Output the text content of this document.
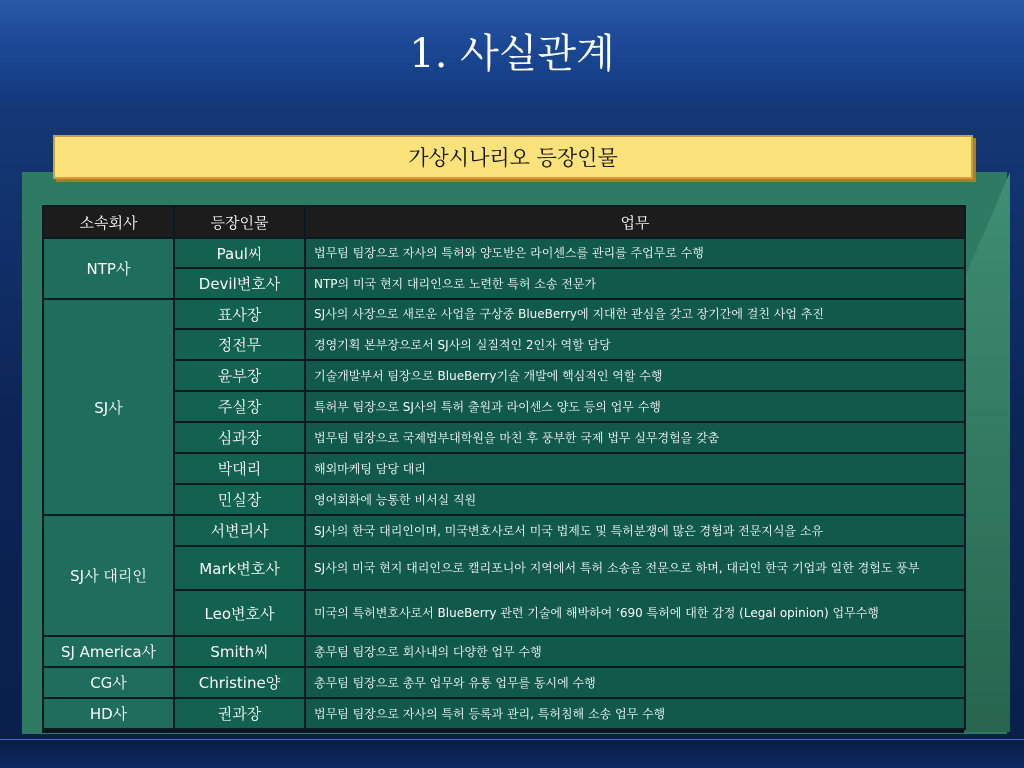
1. 사실관계
가상시나리오 등장인물
소속회사	등장인물	업무
NTP사	Paul씨	법무팀 팀장으로 자사의 특허와 양도받은 라이센스를 관리를 주업무로 수행
	Devil변호사	NTP의 미국 현지 대리인으로 노련한 특허 소송 전문가
SJ사	표사장	SJ사의 사장으로 새로운 사업을 구상중 BlueBerry에 지대한 관심을 갖고 장기간에 걸친 사업 추진
	정전무	경영기획 본부장으로서 SJ사의 실질적인 2인자 역할 담당
	윤부장	기술개발부서 팀장으로 BlueBerry기술 개발에 핵심적인 역할 수행
	주실장	특허부 팀장으로 SJ사의 특허 출원과 라이센스 양도 등의 업무 수행
	심과장	법무팀 팀장으로 국제법부대학원을 마친 후 풍부한 국제 법무 실무경험을 갖춤
	박대리	해외마케팅 담당 대리
	민실장	영어회화에 능통한 비서실 직원
SJ사 대리인	서변리사	SJ사의 한국 대리인이며, 미국변호사로서 미국 법제도 및 특허분쟁에 많은 경험과 전문지식을 소유
	Mark변호사	SJ사의 미국 현지 대리인으로 캘리포니아 지역에서 특허 소송을 전문으로 하며, 대리인 한국 기업과 일한 경험도 풍부
	Leo변호사	미국의 특허변호사로서 BlueBerry 관련 기술에 해박하여 ‘690 특허에 대한 감정 (Legal opinion) 업무수행
SJ America사	Smith씨	총무팀 팀장으로 회사내의 다양한 업무 수행
CG사	Christine양	총무팀 팀장으로 총무 업무와 유통 업무를 동시에 수행
HD사	권과장	법무팀 팀장으로 자사의 특허 등록과 관리, 특허침해 소송 업무 수행
